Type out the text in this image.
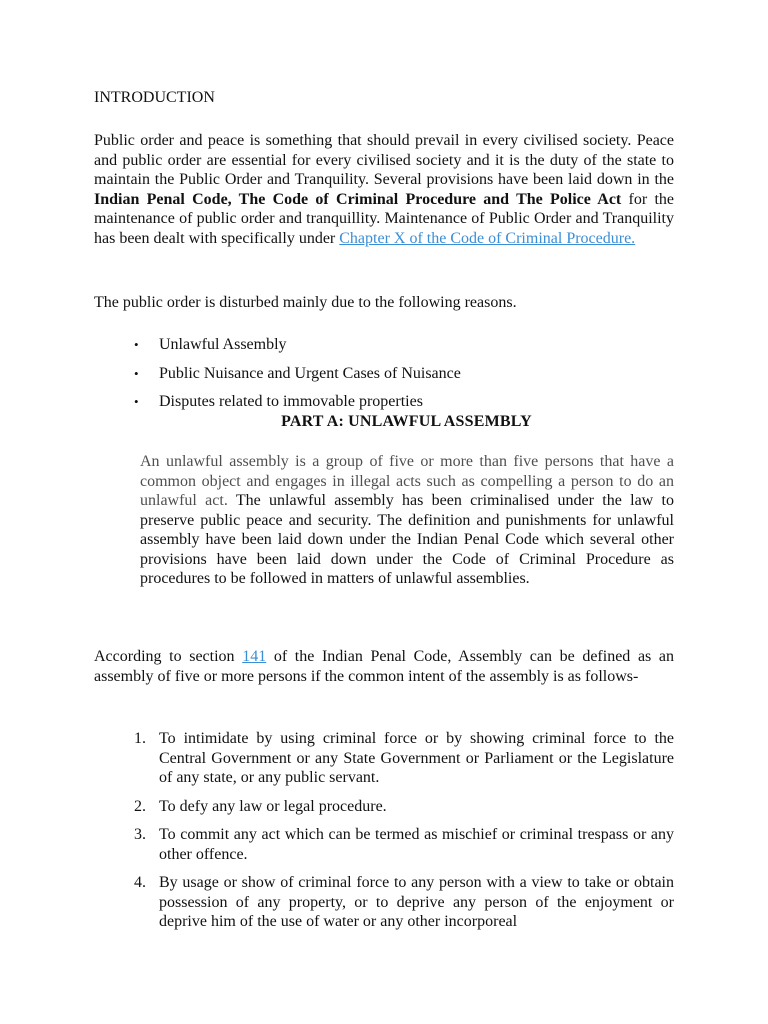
INTRODUCTION

Public order and peace is something that should prevail in every civilised society. Peace and public order are essential for every civilised society and it is the duty of the state to maintain the Public Order and Tranquility. Several provisions have been laid down in the Indian Penal Code, The Code of Criminal Procedure and The Police Act for the maintenance of public order and tranquillity. Maintenance of Public Order and Tranquility has been dealt with specifically under Chapter X of the Code of Criminal Procedure.

The public order is disturbed mainly due to the following reasons.

• Unlawful Assembly
• Public Nuisance and Urgent Cases of Nuisance
• Disputes related to immovable properties

PART A: UNLAWFUL ASSEMBLY

An unlawful assembly is a group of five or more than five persons that have a common object and engages in illegal acts such as compelling a person to do an unlawful act. The unlawful assembly has been criminalised under the law to preserve public peace and security. The definition and punishments for unlawful assembly have been laid down under the Indian Penal Code which several other provisions have been laid down under the Code of Criminal Procedure as procedures to be followed in matters of unlawful assemblies.

According to section 141 of the Indian Penal Code, Assembly can be defined as an assembly of five or more persons if the common intent of the assembly is as follows-

1. To intimidate by using criminal force or by showing criminal force to the Central Government or any State Government or Parliament or the Legislature of any state, or any public servant.
2. To defy any law or legal procedure.
3. To commit any act which can be termed as mischief or criminal trespass or any other offence.
4. By usage or show of criminal force to any person with a view to take or obtain possession of any property, or to deprive any person of the enjoyment or deprive him of the use of water or any other incorporeal
